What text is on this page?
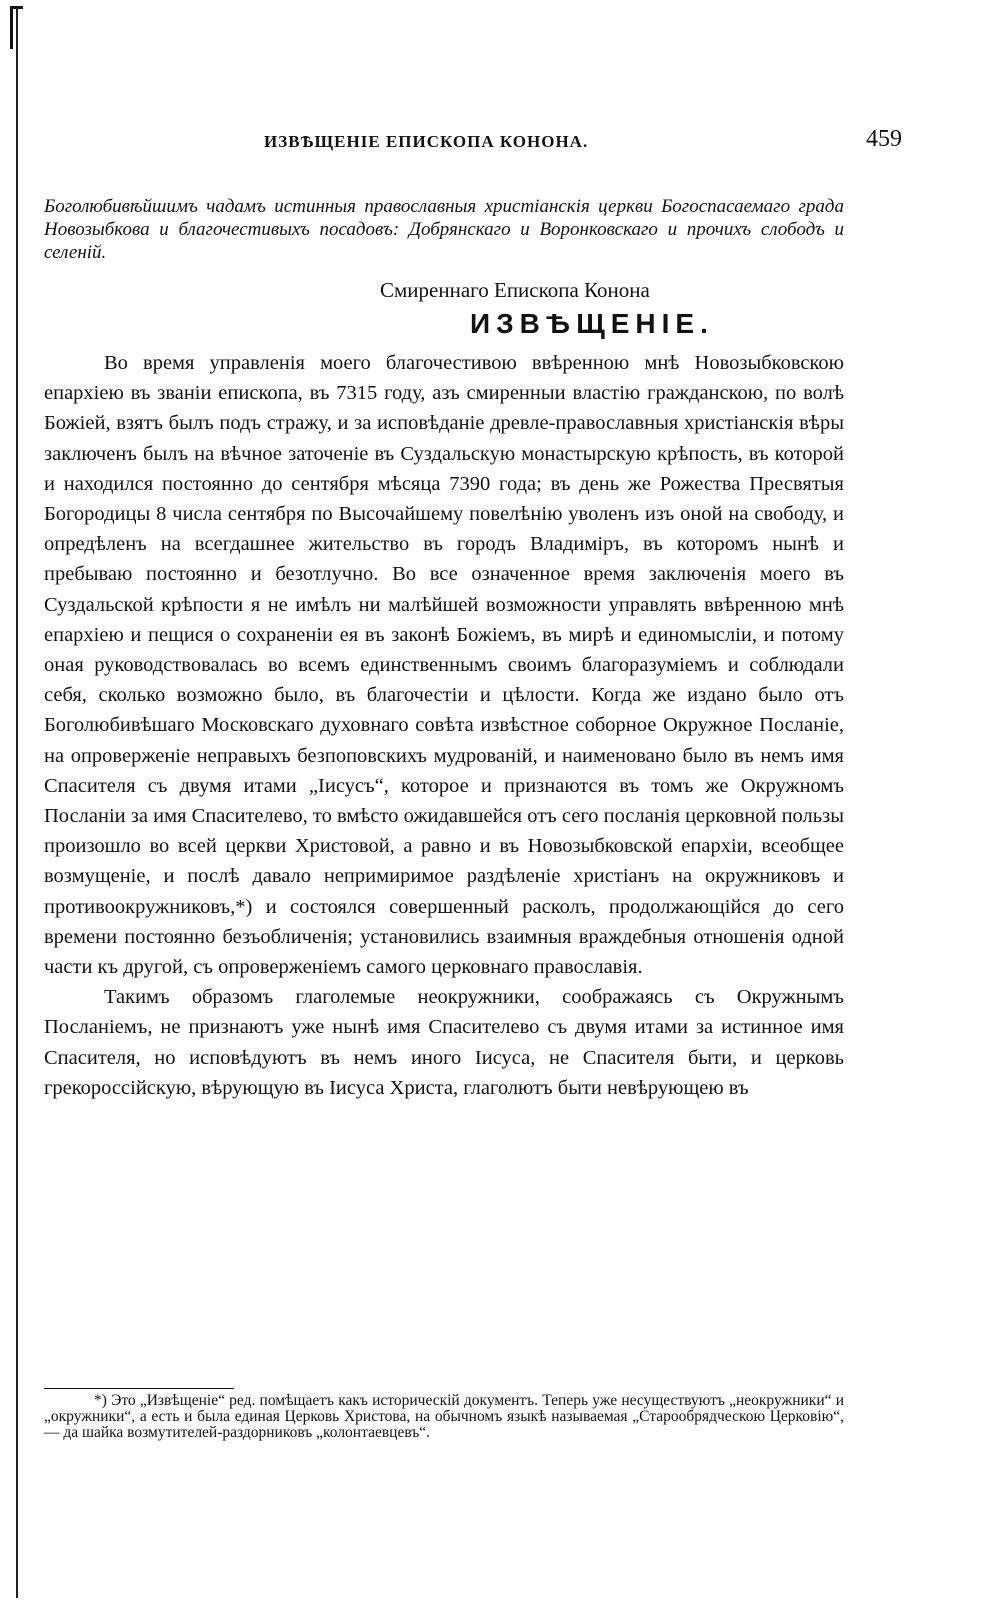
ИЗВѢЩЕНІЕ ЕПИСКОПА КОНОНА.	459
Боголюбивѣйшимъ чадамъ истинныя православныя христіанскія церкви Богоспасаемаго града Новозыбкова и благочестивыхъ посадовъ: Добрянскаго и Воронковскаго и прочихъ слободъ и селеній.
Смиреннаго Епископа Конона
ИЗВѢЩЕНІЕ.

Во время управленія моего благочестивою ввѣренною мнѣ Новозыбковскою епархіею въ званіи епископа, въ 7315 году, азъ смиренныи властію гражданскою, по волѣ Божіей, взятъ былъ подъ стражу, и за исповѣданіе древле-православныя христіанскія вѣры заключенъ былъ на вѣчное заточеніе въ Суздальскую монастырскую крѣпость, въ которой и находился постоянно до сентября мѣсяца 7390 года; въ день же Рожества Пресвятыя Богородицы 8 числа сентября по Высочайшему повелѣнію уволенъ изъ оной на свободу, и опредѣленъ на всегдашнее жительство въ городъ Владиміръ, въ которомъ нынѣ и пребываю постоянно и безотлучно. Во все означенное время заключенія моего въ Суздальской крѣпости я не имѣлъ ни малѣйшей возможности управлять ввѣренною мнѣ епархіею и пещися о сохраненіи ея въ законѣ Божіемъ, въ мирѣ и единомысліи, и потому оная руководствовалась во всемъ единственнымъ своимъ благоразуміемъ и соблюдали себя, сколько возможно было, въ благочестіи и цѣлости. Когда же издано было отъ Боголюбивѣшаго Московскаго духовнаго совѣта извѣстное соборное Окружное Посланіе, на опроверженіе неправыхъ безпоповскихъ мудрованій, и наименовано было въ немъ имя Спасителя съ двумя итами „Іисусъ“, которое и признаются въ томъ же Окружномъ Посланіи за имя Спасителево, то вмѣсто ожидавшейся отъ сего посланія церковной пользы произошло во всей церкви Христовой, а равно и въ Новозыбковской епархіи, всеобщее возмущеніе, и послѣ давало непримиримое раздѣленіе христіанъ на окружниковъ и противоокружниковъ,*) и состоялся совершенный расколъ, продолжающійся до сего времени постоянно безъобличенія; установились взаимныя враждебныя отношенія одной части къ другой, съ опроверженіемъ самого церковнаго православія.

Такимъ образомъ глаголемые неокружники, соображаясь съ Окружнымъ Посланіемъ, не признаютъ уже нынѣ имя Спасителево съ двумя итами за истинное имя Спасителя, но исповѣдуютъ въ немъ иного Іисуса, не Спасителя быти, и церковь грекороссійскую, вѣрующую въ Іисуса Христа, глаголютъ быти невѣрующею въ

*) Это „Извѣщеніе“ ред. помѣщаетъ какъ историческій документъ. Теперь уже несуществуютъ „неокружники“ и „окружники“, а есть и была единая Церковь Христова, на обычномъ языкѣ называемая „Старообрядческою Церковію“,— да шайка возмутителей-раздорниковъ „колонтаевцевъ“.
